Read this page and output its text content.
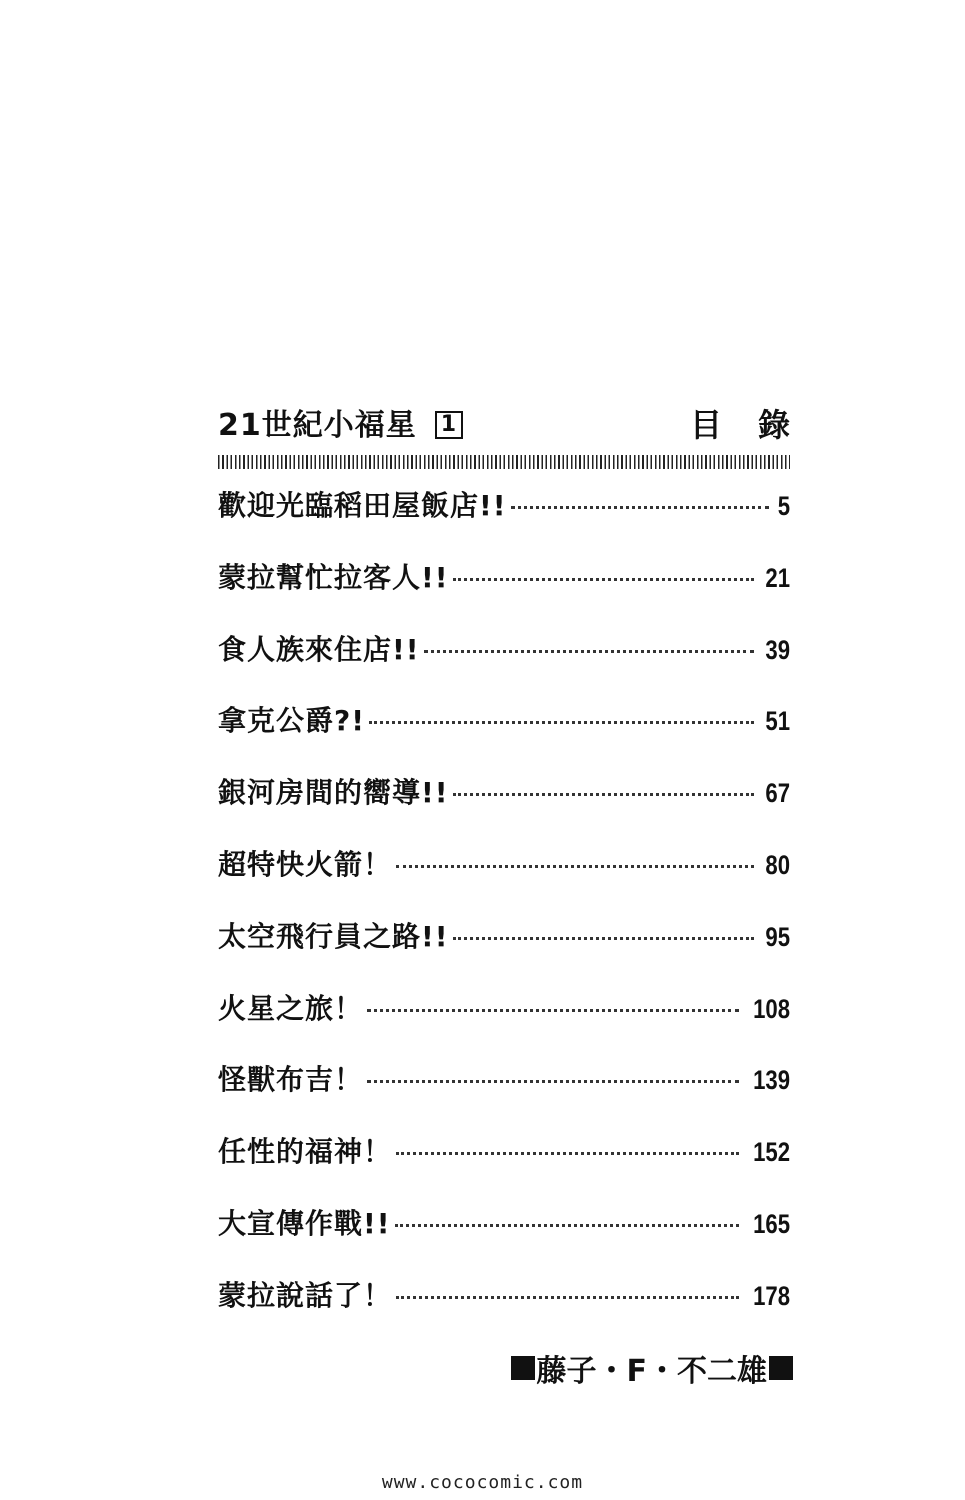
21世紀小福星 1	目錄
歡迎光臨稻田屋飯店!!	5
蒙拉幫忙拉客人!!	21
食人族來住店!!	39
拿克公爵?!	51
銀河房間的嚮導!!	67
超特快火箭！	80
太空飛行員之路!!	95
火星之旅！	108
怪獸布吉！	139
任性的福神！	152
大宣傳作戰!!	165
蒙拉說話了！	178
藤子・F・不二雄
www.cococomic.com
